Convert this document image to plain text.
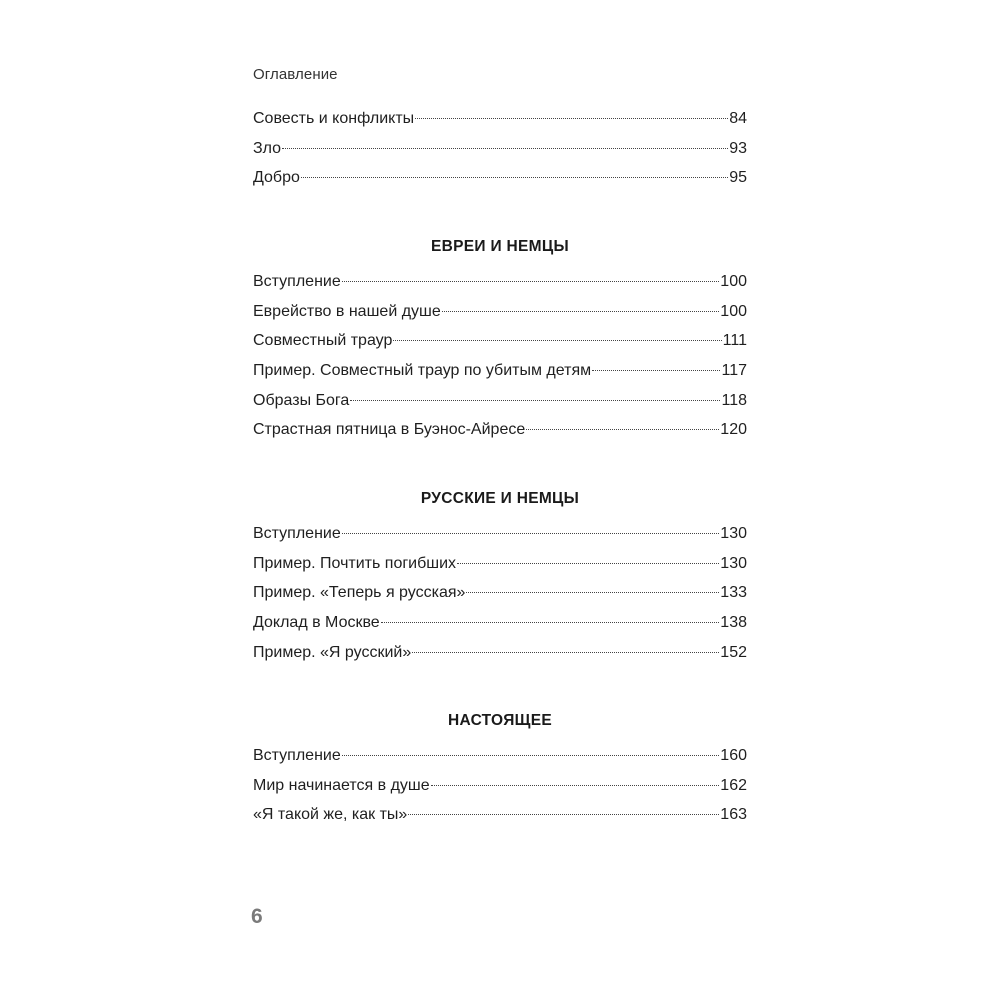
Оглавление
Совесть и конфликты	84
Зло	93
Добро	95
ЕВРЕИ И НЕМЦЫ
Вступление	100
Еврейство в нашей душе	100
Совместный траур	111
Пример. Совместный траур по убитым детям	117
Образы Бога	118
Страстная пятница в Буэнос-Айресе	120
РУССКИЕ И НЕМЦЫ
Вступление	130
Пример. Почтить погибших	130
Пример. «Теперь я русская»	133
Доклад в Москве	138
Пример. «Я русский»	152
НАСТОЯЩЕЕ
Вступление	160
Мир начинается в душе	162
«Я такой же, как ты»	163
6
